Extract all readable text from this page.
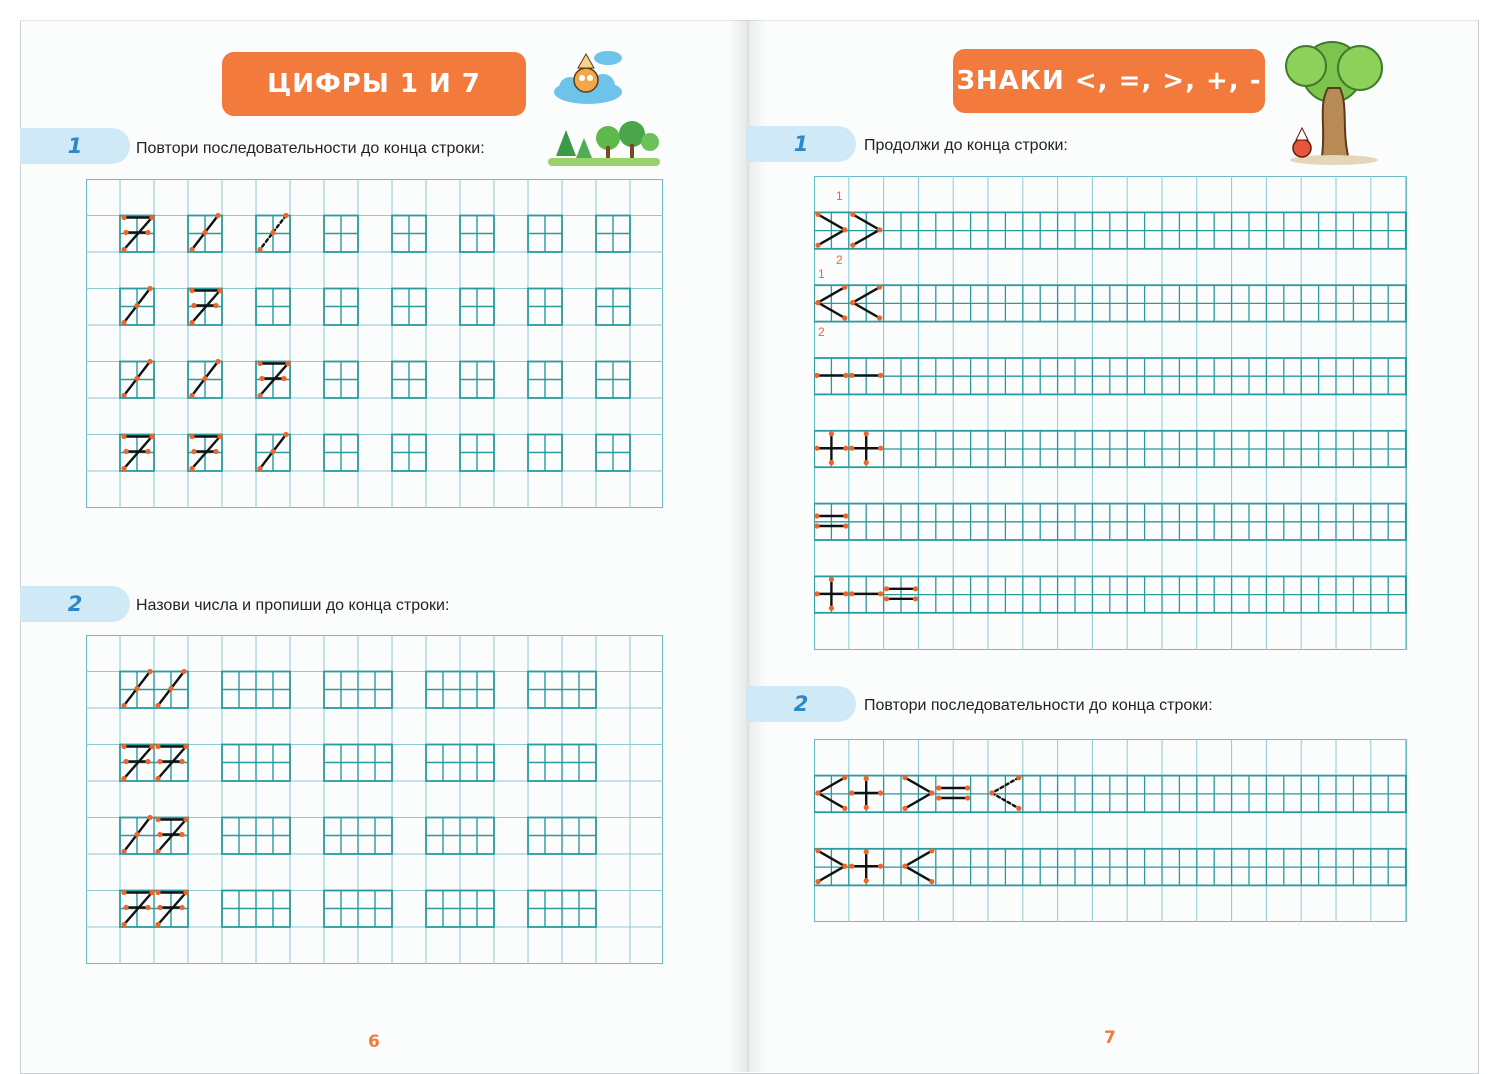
ЦИФРЫ 1 И 7
1	Повтори последовательности до конца строки:
2	Назови числа и пропиши до конца строки:
6
ЗНАКИ <, =, >, +, -
1	Продолжи до конца строки:
1
2
1
2
2	Повтори последовательности до конца строки:
7
